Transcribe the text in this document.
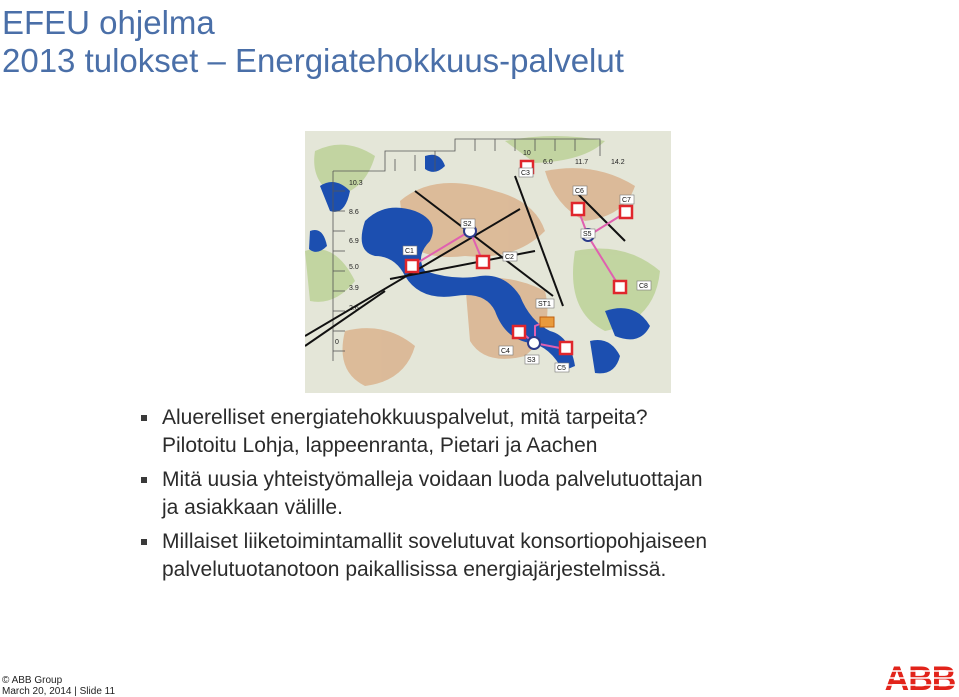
EFEU ohjelma
2013 tulokset – Energiatehokkuus-palvelut
10.3
8.6
6.9
5.0
3.9
2.6
0
10
6.0	11.7	14.2
C1
C2
C3
C4
C5
C6
C7
C8
S2
S3
S5
ST1
Aluerelliset energiatehokkuuspalvelut, mitä tarpeita?
Pilotoitu Lohja, lappeenranta, Pietari ja Aachen
Mitä uusia yhteistyömalleja voidaan luoda palvelutuottajan
ja asiakkaan välille.
Millaiset liiketoimintamallit sovelutuvat konsortiopohjaiseen
palvelutuotanotoon paikallisissa energiajärjestelmissä.
© ABB Group
March 20, 2014 | Slide 11	ABB
